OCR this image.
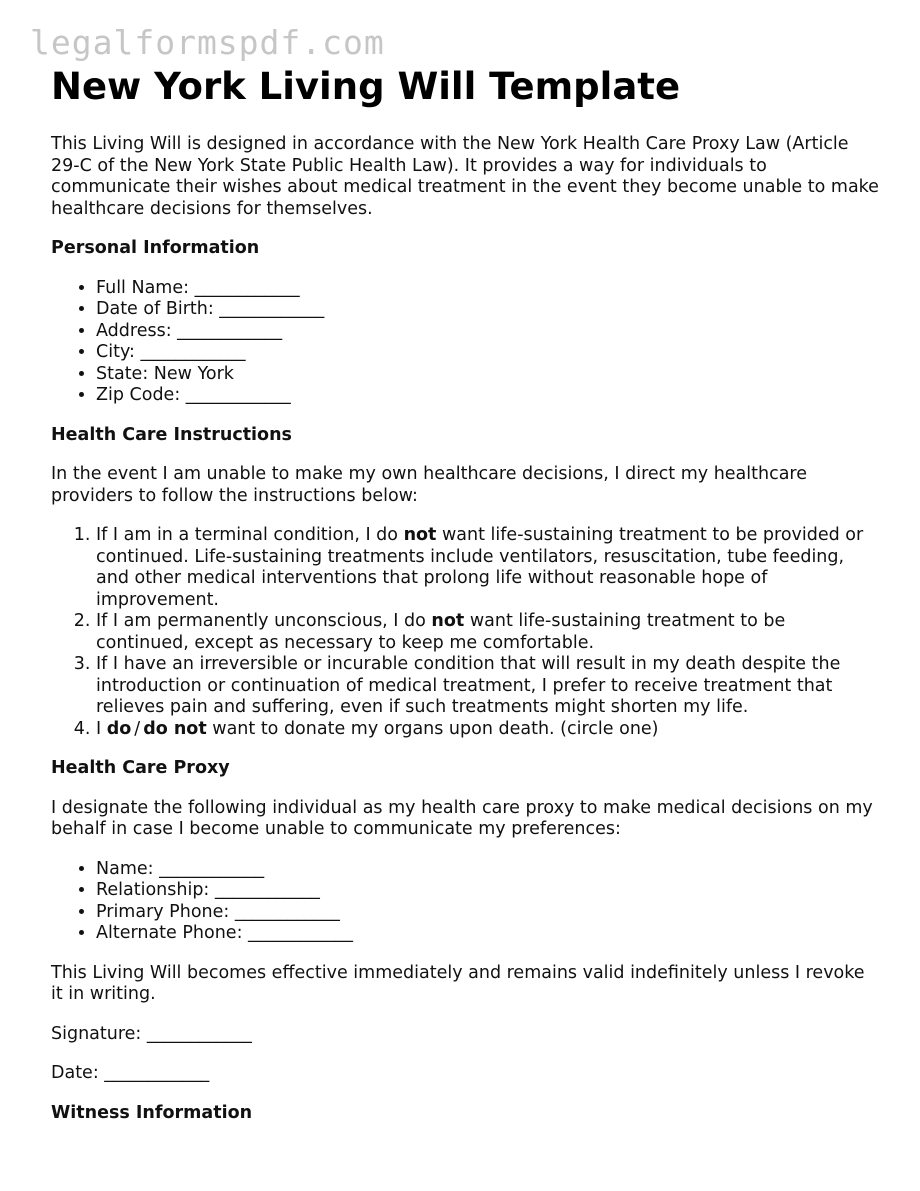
legalformspdf.com
New York Living Will Template

This Living Will is designed in accordance with the New York Health Care Proxy Law (Article 29-C of the New York State Public Health Law). It provides a way for individuals to communicate their wishes about medical treatment in the event they become unable to make healthcare decisions for themselves.

Personal Information
• Full Name: ____________
• Date of Birth: ____________
• Address: ____________
• City: ____________
• State: New York
• Zip Code: ____________
Health Care Instructions

In the event I am unable to make my own healthcare decisions, I direct my healthcare providers to follow the instructions below:

1. If I am in a terminal condition, I do not want life-sustaining treatment to be provided or continued. Life-sustaining treatments include ventilators, resuscitation, tube feeding, and other medical interventions that prolong life without reasonable hope of improvement.
2. If I am permanently unconscious, I do not want life-sustaining treatment to be continued, except as necessary to keep me comfortable.
3. If I have an irreversible or incurable condition that will result in my death despite the introduction or continuation of medical treatment, I prefer to receive treatment that relieves pain and suffering, even if such treatments might shorten my life.
4. I do / do not want to donate my organs upon death. (circle one)
Health Care Proxy

I designate the following individual as my health care proxy to make medical decisions on my behalf in case I become unable to communicate my preferences:

• Name: ____________
• Relationship: ____________
• Primary Phone: ____________
• Alternate Phone: ____________

This Living Will becomes effective immediately and remains valid indefinitely unless I revoke it in writing.

Signature: ____________

Date: ____________

Witness Information
